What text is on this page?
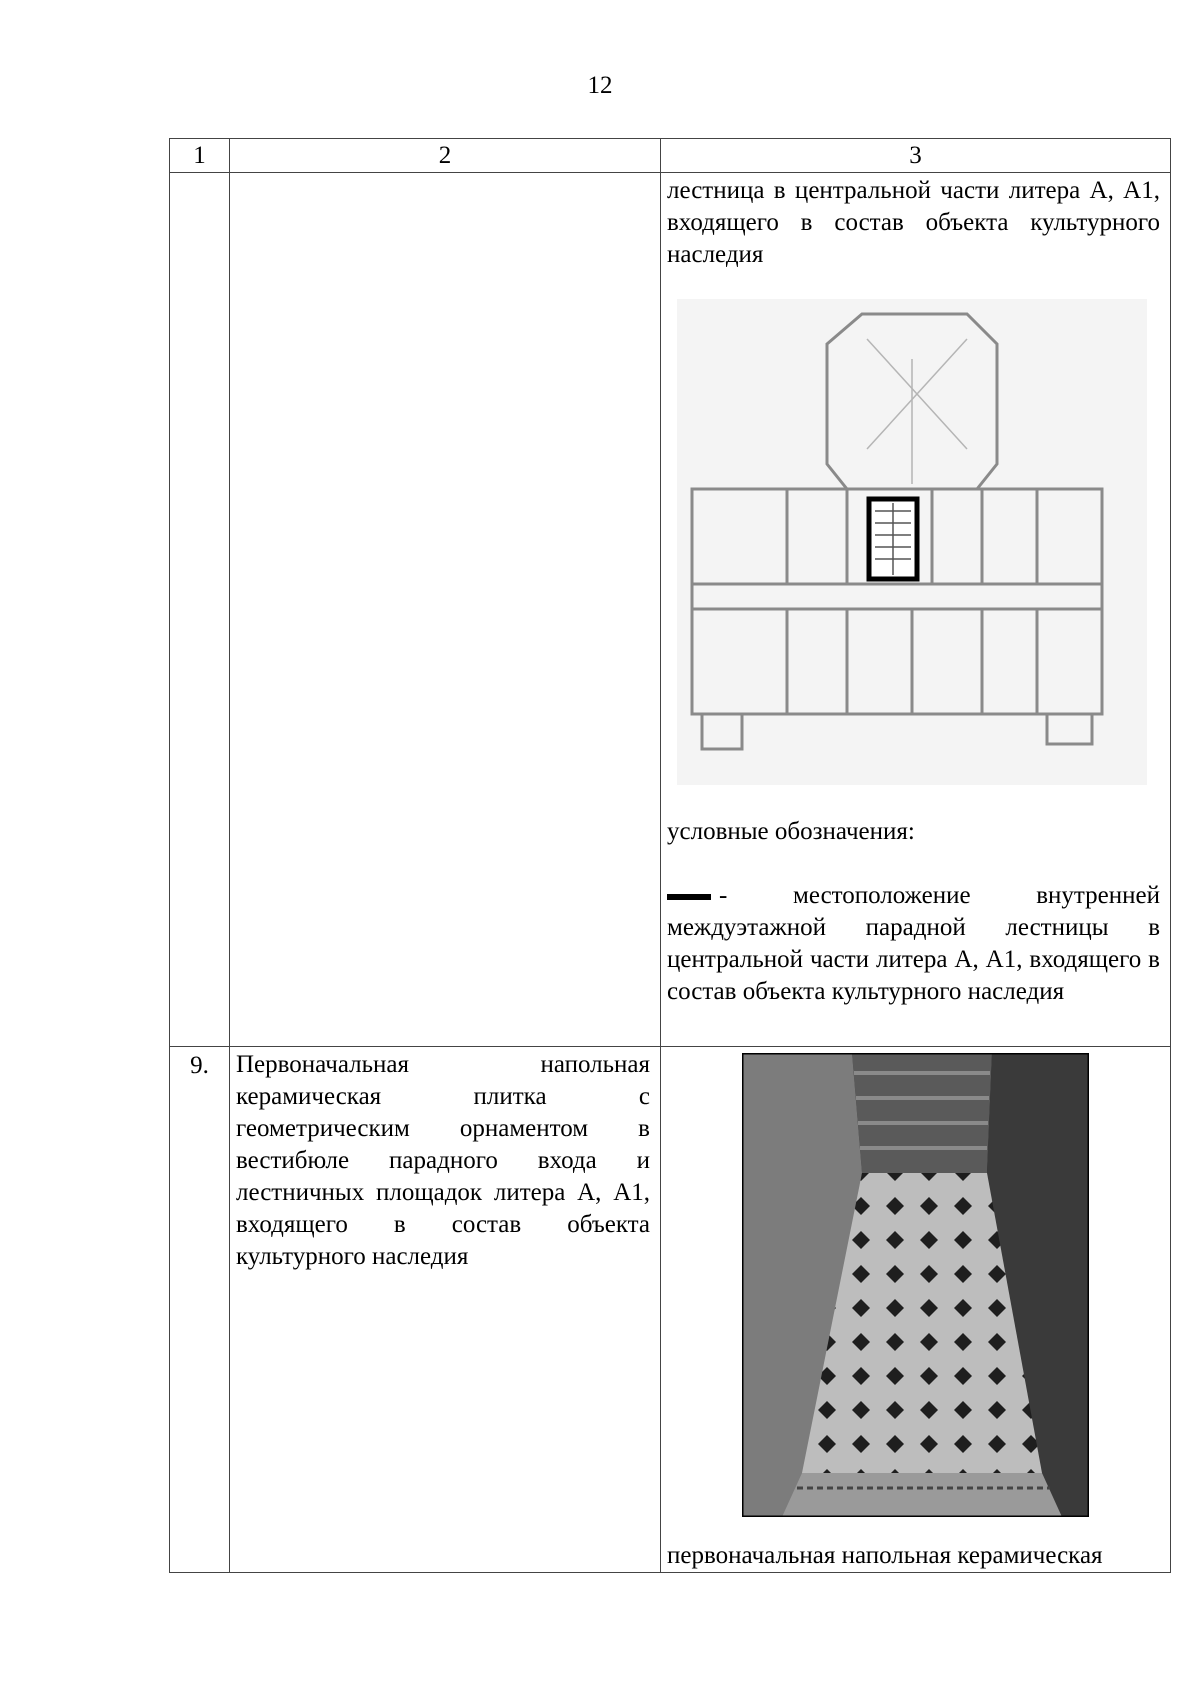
12
1	2	3

		лестница в центральной части литера А, А1, входящего в состав объекта культурного наследия
условные обозначения:
- местоположение внутренней междуэтажной парадной лестницы в центральной части литера А, А1, входящего в состав объекта культурного наследия

9.	Первоначальная напольная керамическая плитка с геометрическим орнаментом в вестибюле парадного входа и лестничных площадок литера А, А1, входящего в состав объекта культурного наследия	первоначальная напольная керамическая
